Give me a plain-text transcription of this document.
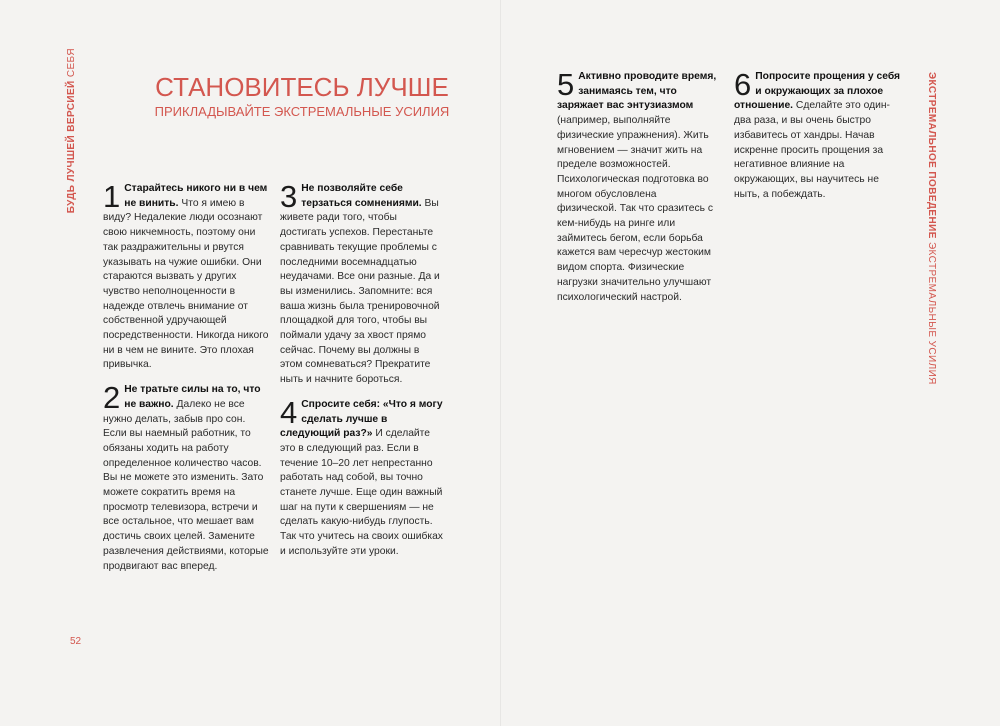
БУДЬ ЛУЧШЕЙ ВЕРСИЕЙ СЕБЯ
ЭКСТРЕМАЛЬНОЕ ПОВЕДЕНИЕ ЭКСТРЕМАЛЬНЫЕ УСИЛИЯ
52
СТАНОВИТЕСЬ ЛУЧШЕ
ПРИКЛАДЫВАЙТЕ ЭКСТРЕМАЛЬНЫЕ УСИЛИЯ
1 Старайтесь никого ни в чем не винить. Что я имею в виду? Недалекие люди осознают свою никчемность, поэтому они так раздражительны и рвутся указывать на чужие ошибки. Они стараются вызвать у других чувство неполноценности в надежде отвлечь внимание от собственной удручающей посредственности. Никогда никого ни в чем не вините. Это плохая привычка.

2 Не тратьте силы на то, что не важно. Далеко не все нужно делать, забыв про сон. Если вы наемный работник, то обязаны ходить на работу определенное количество часов. Вы не можете это изменить. Зато можете сократить время на просмотр телевизора, встречи и все остальное, что мешает вам достичь своих целей. Замените развлечения действиями, которые продвигают вас вперед.

3 Не позволяйте себе терзаться сомнениями. Вы живете ради того, чтобы достигать успехов. Перестаньте сравнивать текущие проблемы с последними восемнадцатью неудачами. Все они разные. Да и вы изменились. Запомните: вся ваша жизнь была тренировочной площадкой для того, чтобы вы поймали удачу за хвост прямо сейчас. Почему вы должны в этом сомневаться? Прекратите ныть и начните бороться.

4 Спросите себя: «Что я могу сделать лучше в следующий раз?» И сделайте это в следующий раз. Если в течение 10–20 лет непрестанно работать над собой, вы точно станете лучше. Еще один важный шаг на пути к свершениям — не сделать какую-нибудь глупость. Так что учитесь на своих ошибках и используйте эти уроки.

5 Активно проводите время, занимаясь тем, что заряжает вас энтузиазмом (например, выполняйте физические упражнения). Жить мгновением — значит жить на пределе возможностей. Психологическая подготовка во многом обусловлена физической. Так что сразитесь с кем-нибудь на ринге или займитесь бегом, если борьба кажется вам чересчур жестоким видом спорта. Физические нагрузки значительно улучшают психологический настрой.

6 Попросите прощения у себя и окружающих за плохое отношение. Сделайте это один-два раза, и вы очень быстро избавитесь от хандры. Начав искренне просить прощения за негативное влияние на окружающих, вы научитесь не ныть, а побеждать.
